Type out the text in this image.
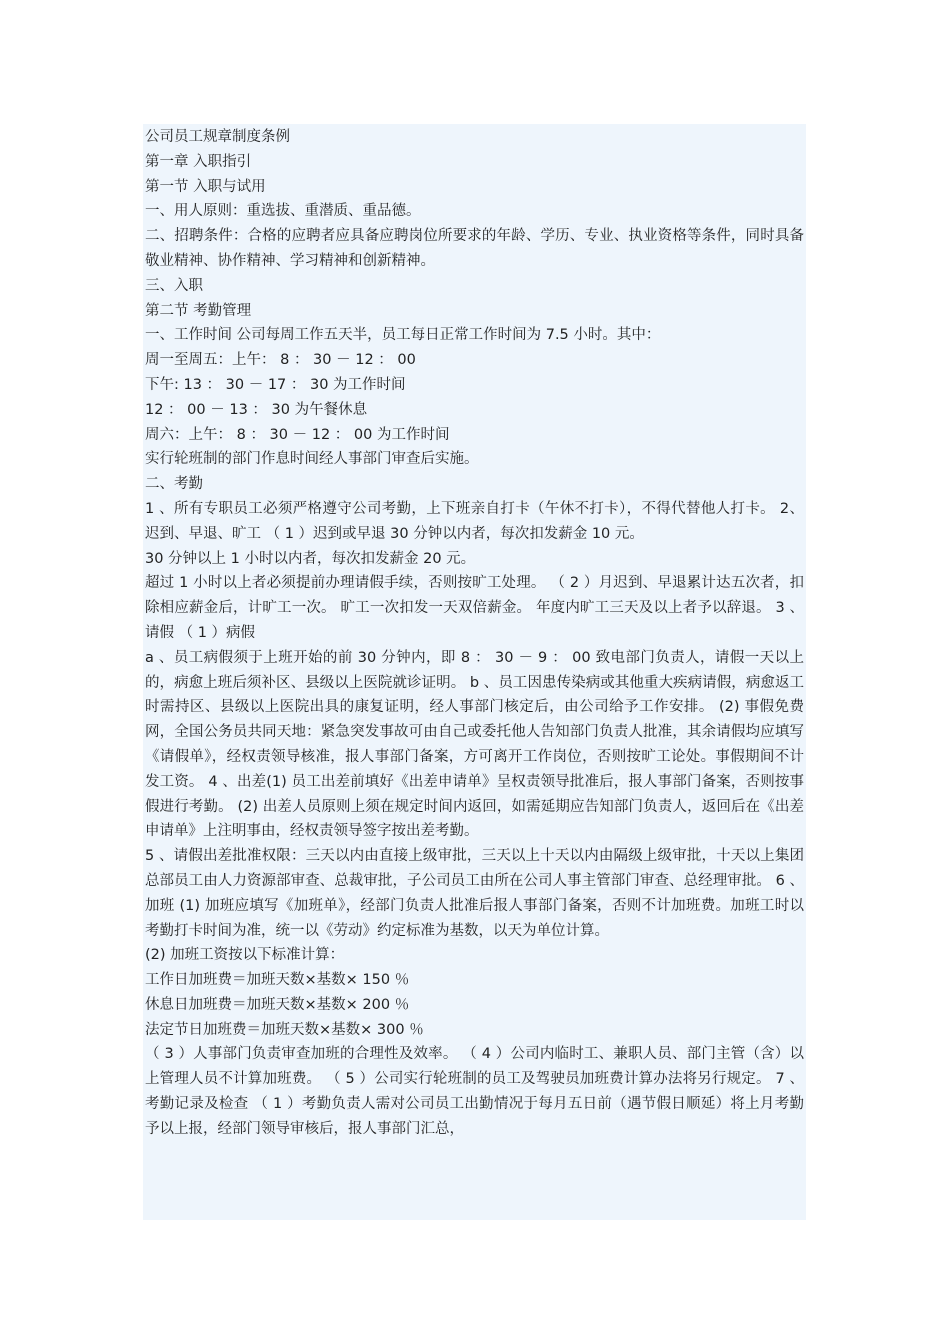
公司员工规章制度条例

第一章 入职指引

第一节 入职与试用

一、用人原则：重选拔、重潜质、重品德。

二、招聘条件：合格的应聘者应具备应聘岗位所要求的年龄、学历、专业、执业资格等条件，同时具备敬业精神、协作精神、学习精神和创新精神。

三、入职

第二节 考勤管理

一、工作时间 公司每周工作五天半，员工每日正常工作时间为 7.5 小时。其中：

周一至周五：上午： 8 ： 30 － 12 ： 00

下午: 13 ： 30 － 17 ： 30 为工作时间

12 ： 00 － 13 ： 30 为午餐休息

周六：上午： 8 ： 30 － 12 ： 00 为工作时间

实行轮班制的部门作息时间经人事部门审查后实施。

二、考勤

1 、所有专职员工必须严格遵守公司考勤，上下班亲自打卡（午休不打卡），不得代替他人打卡。 2、 迟到、早退、旷工 （ 1 ）迟到或早退 30 分钟以内者，每次扣发薪金 10 元。

30 分钟以上 1 小时以内者，每次扣发薪金 20 元。

超过 1 小时以上者必须提前办理请假手续，否则按旷工处理。 （ 2 ）月迟到、早退累计达五次者，扣除相应薪金后，计旷工一次。 旷工一次扣发一天双倍薪金。 年度内旷工三天及以上者予以辞退。 3 、请假 （ 1 ）病假

a 、员工病假须于上班开始的前 30 分钟内，即 8 ： 30 － 9 ： 00 致电部门负责人，请假一天以上的，病愈上班后须补区、县级以上医院就诊证明。 b 、员工因患传染病或其他重大疾病请假，病愈返工时需持区、县级以上医院出具的康复证明，经人事部门核定后，由公司给予工作安排。 (2) 事假免费网，全国公务员共同天地：紧急突发事故可由自己或委托他人告知部门负责人批准，其余请假均应填写《请假单》，经权责领导核准，报人事部门备案，方可离开工作岗位，否则按旷工论处。事假期间不计发工资。 4 、出差(1) 员工出差前填好《出差申请单》呈权责领导批准后，报人事部门备案，否则按事假进行考勤。 (2) 出差人员原则上须在规定时间内返回，如需延期应告知部门负责人，返回后在《出差申请单》上注明事由，经权责领导签字按出差考勤。

5 、请假出差批准权限：三天以内由直接上级审批，三天以上十天以内由隔级上级审批，十天以上集团总部员工由人力资源部审查、总裁审批，子公司员工由所在公司人事主管部门审查、总经理审批。 6 、加班 (1) 加班应填写《加班单》，经部门负责人批准后报人事部门备案，否则不计加班费。加班工时以考勤打卡时间为准，统一以《劳动》约定标准为基数，以天为单位计算。

(2) 加班工资按以下标准计算：

工作日加班费＝加班天数×基数× 150 ％

休息日加班费＝加班天数×基数× 200 ％

法定节日加班费＝加班天数×基数× 300 ％

（ 3 ）人事部门负责审查加班的合理性及效率。 （ 4 ）公司内临时工、兼职人员、部门主管（含）以上管理人员不计算加班费。 （ 5 ）公司实行轮班制的员工及驾驶员加班费计算办法将另行规定。 7 、考勤记录及检查 （ 1 ）考勤负责人需对公司员工出勤情况于每月五日前（遇节假日顺延）将上月考勤予以上报，经部门领导审核后，报人事部门汇总，
